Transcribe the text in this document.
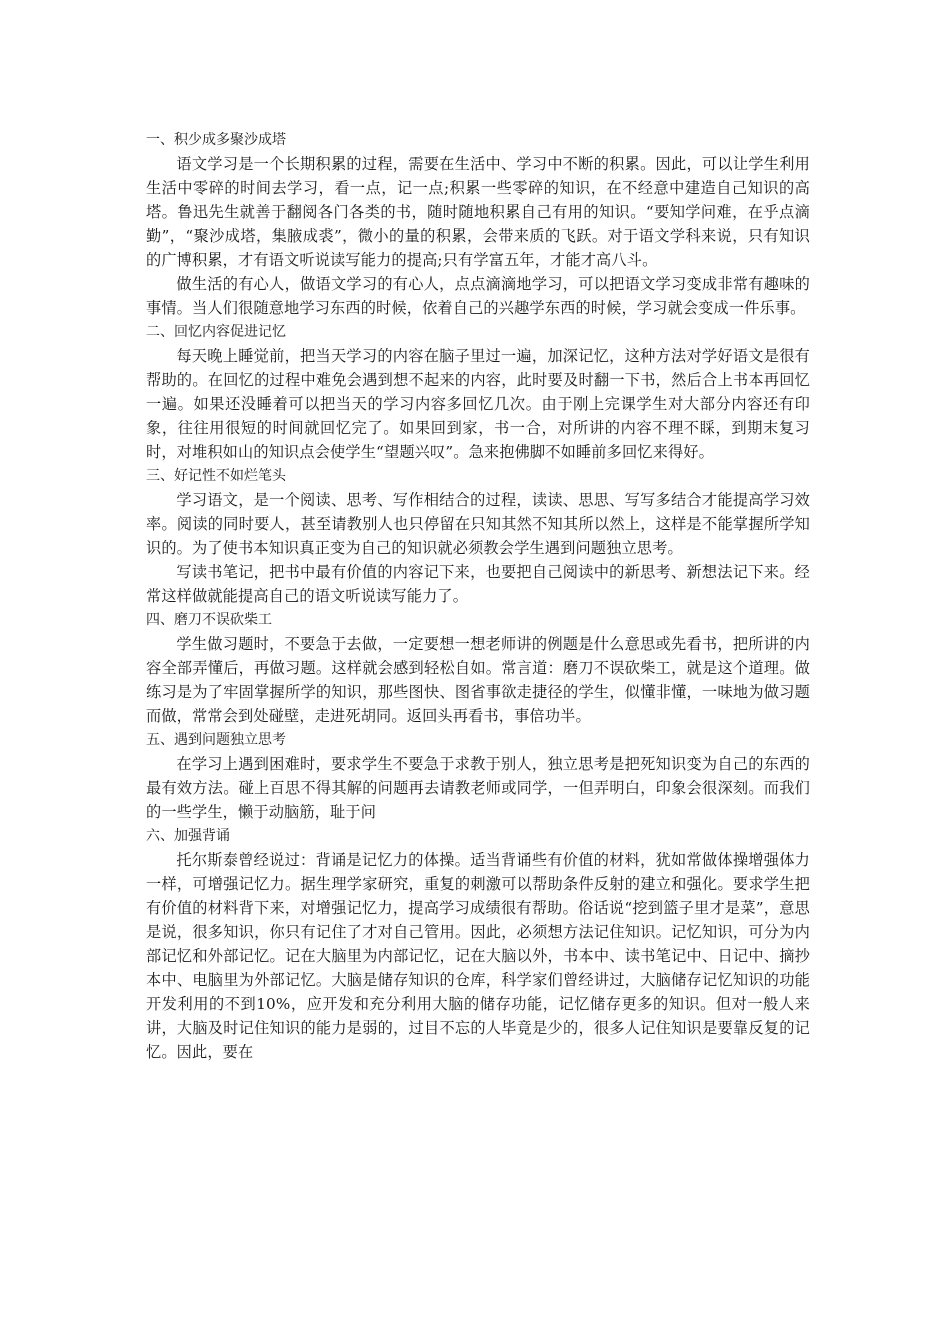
一、积少成多聚沙成塔

语文学习是一个长期积累的过程，需要在生活中、学习中不断的积累。因此，可以让学生利用生活中零碎的时间去学习，看一点，记一点;积累一些零碎的知识，在不经意中建造自己知识的高塔。鲁迅先生就善于翻阅各门各类的书，随时随地积累自己有用的知识。“要知学问难，在乎点滴勤”，“聚沙成塔，集腋成裘”，微小的量的积累，会带来质的飞跃。对于语文学科来说，只有知识的广博积累，才有语文听说读写能力的提高;只有学富五年，才能才高八斗。

做生活的有心人，做语文学习的有心人，点点滴滴地学习，可以把语文学习变成非常有趣味的事情。当人们很随意地学习东西的时候，依着自己的兴趣学东西的时候，学习就会变成一件乐事。

二、回忆内容促进记忆

每天晚上睡觉前，把当天学习的内容在脑子里过一遍，加深记忆，这种方法对学好语文是很有帮助的。在回忆的过程中难免会遇到想不起来的内容，此时要及时翻一下书，然后合上书本再回忆一遍。如果还没睡着可以把当天的学习内容多回忆几次。由于刚上完课学生对大部分内容还有印象，往往用很短的时间就回忆完了。如果回到家，书一合，对所讲的内容不理不睬，到期末复习时，对堆积如山的知识点会使学生“望题兴叹”。急来抱佛脚不如睡前多回忆来得好。

三、好记性不如烂笔头

学习语文，是一个阅读、思考、写作相结合的过程，读读、思思、写写多结合才能提高学习效率。阅读的同时要人，甚至请教别人也只停留在只知其然不知其所以然上，这样是不能掌握所学知识的。为了使书本知识真正变为自己的知识就必须教会学生遇到问题独立思考。

写读书笔记，把书中最有价值的内容记下来，也要把自己阅读中的新思考、新想法记下来。经常这样做就能提高自己的语文听说读写能力了。

四、磨刀不误砍柴工

学生做习题时，不要急于去做，一定要想一想老师讲的例题是什么意思或先看书，把所讲的内容全部弄懂后，再做习题。这样就会感到轻松自如。常言道：磨刀不误砍柴工，就是这个道理。做练习是为了牢固掌握所学的知识，那些图快、图省事欲走捷径的学生，似懂非懂，一味地为做习题而做，常常会到处碰壁，走进死胡同。返回头再看书，事倍功半。

五、遇到问题独立思考

在学习上遇到困难时，要求学生不要急于求教于别人，独立思考是把死知识变为自己的东西的最有效方法。碰上百思不得其解的问题再去请教老师或同学，一但弄明白，印象会很深刻。而我们的一些学生，懒于动脑筋，耻于问

六、加强背诵

托尔斯泰曾经说过：背诵是记忆力的体操。适当背诵些有价值的材料，犹如常做体操增强体力一样，可增强记忆力。据生理学家研究，重复的刺激可以帮助条件反射的建立和强化。要求学生把有价值的材料背下来，对增强记忆力，提高学习成绩很有帮助。俗话说“挖到篮子里才是菜”，意思是说，很多知识，你只有记住了才对自己管用。因此，必须想方法记住知识。记忆知识，可分为内部记忆和外部记忆。记在大脑里为内部记忆，记在大脑以外，书本中、读书笔记中、日记中、摘抄本中、电脑里为外部记忆。大脑是储存知识的仓库，科学家们曾经讲过，大脑储存记忆知识的功能开发利用的不到10%，应开发和充分利用大脑的储存功能，记忆储存更多的知识。但对一般人来讲，大脑及时记住知识的能力是弱的，过目不忘的人毕竟是少的，很多人记住知识是要靠反复的记忆。因此，要在
